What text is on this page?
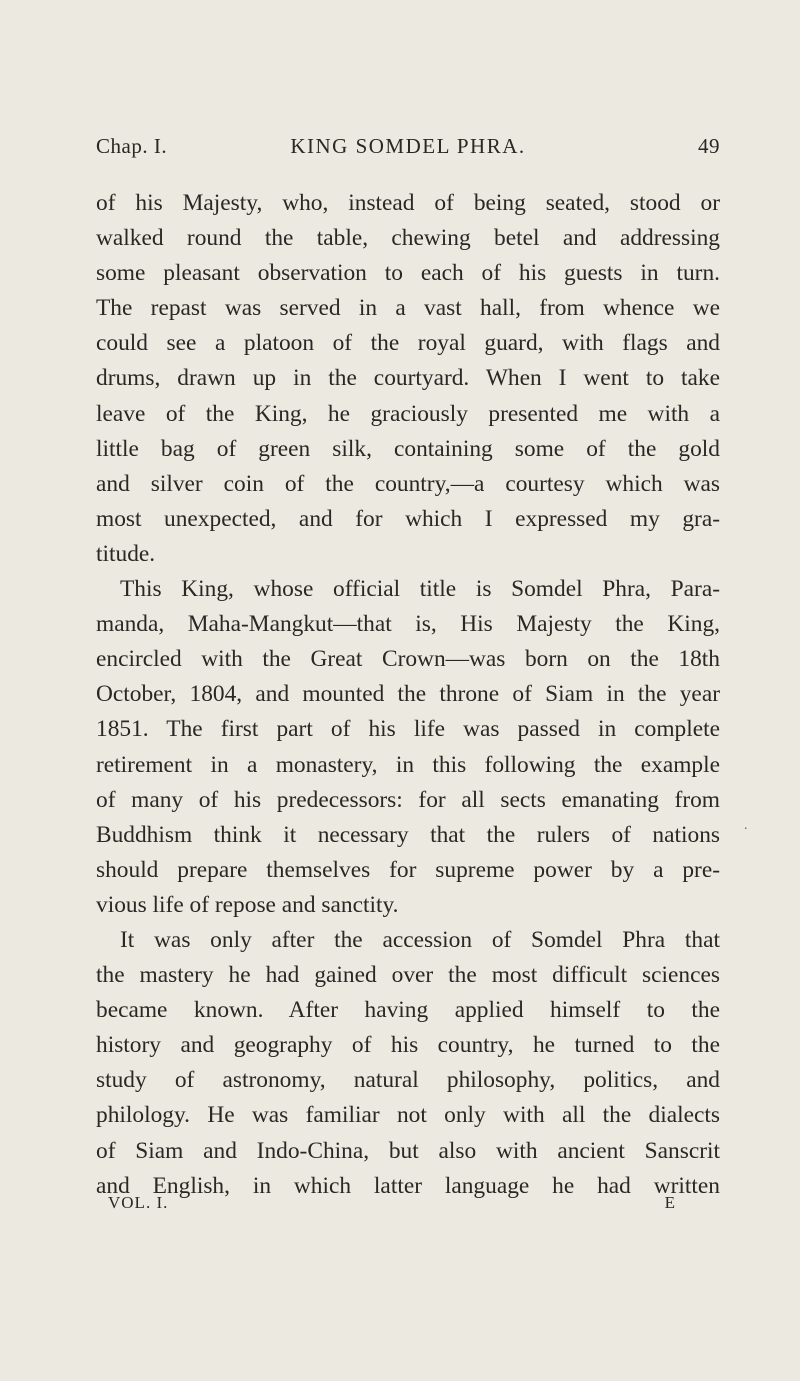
Chap. I.	KING SOMDEL PHRA.	49
of his Majesty, who, instead of being seated, stood or
walked round the table, chewing betel and addressing
some pleasant observation to each of his guests in turn.
The repast was served in a vast hall, from whence we
could see a platoon of the royal guard, with flags and
drums, drawn up in the courtyard. When I went to take
leave of the King, he graciously presented me with a
little bag of green silk, containing some of the gold
and silver coin of the country,—a courtesy which was
most unexpected, and for which I expressed my gra-
titude.
This King, whose official title is Somdel Phra, Para-
manda, Maha-Mangkut—that is, His Majesty the King,
encircled with the Great Crown—was born on the 18th
October, 1804, and mounted the throne of Siam in the year
1851. The first part of his life was passed in complete
retirement in a monastery, in this following the example
of many of his predecessors: for all sects emanating from
Buddhism think it necessary that the rulers of nations
should prepare themselves for supreme power by a pre-
vious life of repose and sanctity.
It was only after the accession of Somdel Phra that
the mastery he had gained over the most difficult sciences
became known. After having applied himself to the
history and geography of his country, he turned to the
study of astronomy, natural philosophy, politics, and
philology. He was familiar not only with all the dialects
of Siam and Indo-China, but also with ancient Sanscrit
and English, in which latter language he had written
.
VOL. I.	E
